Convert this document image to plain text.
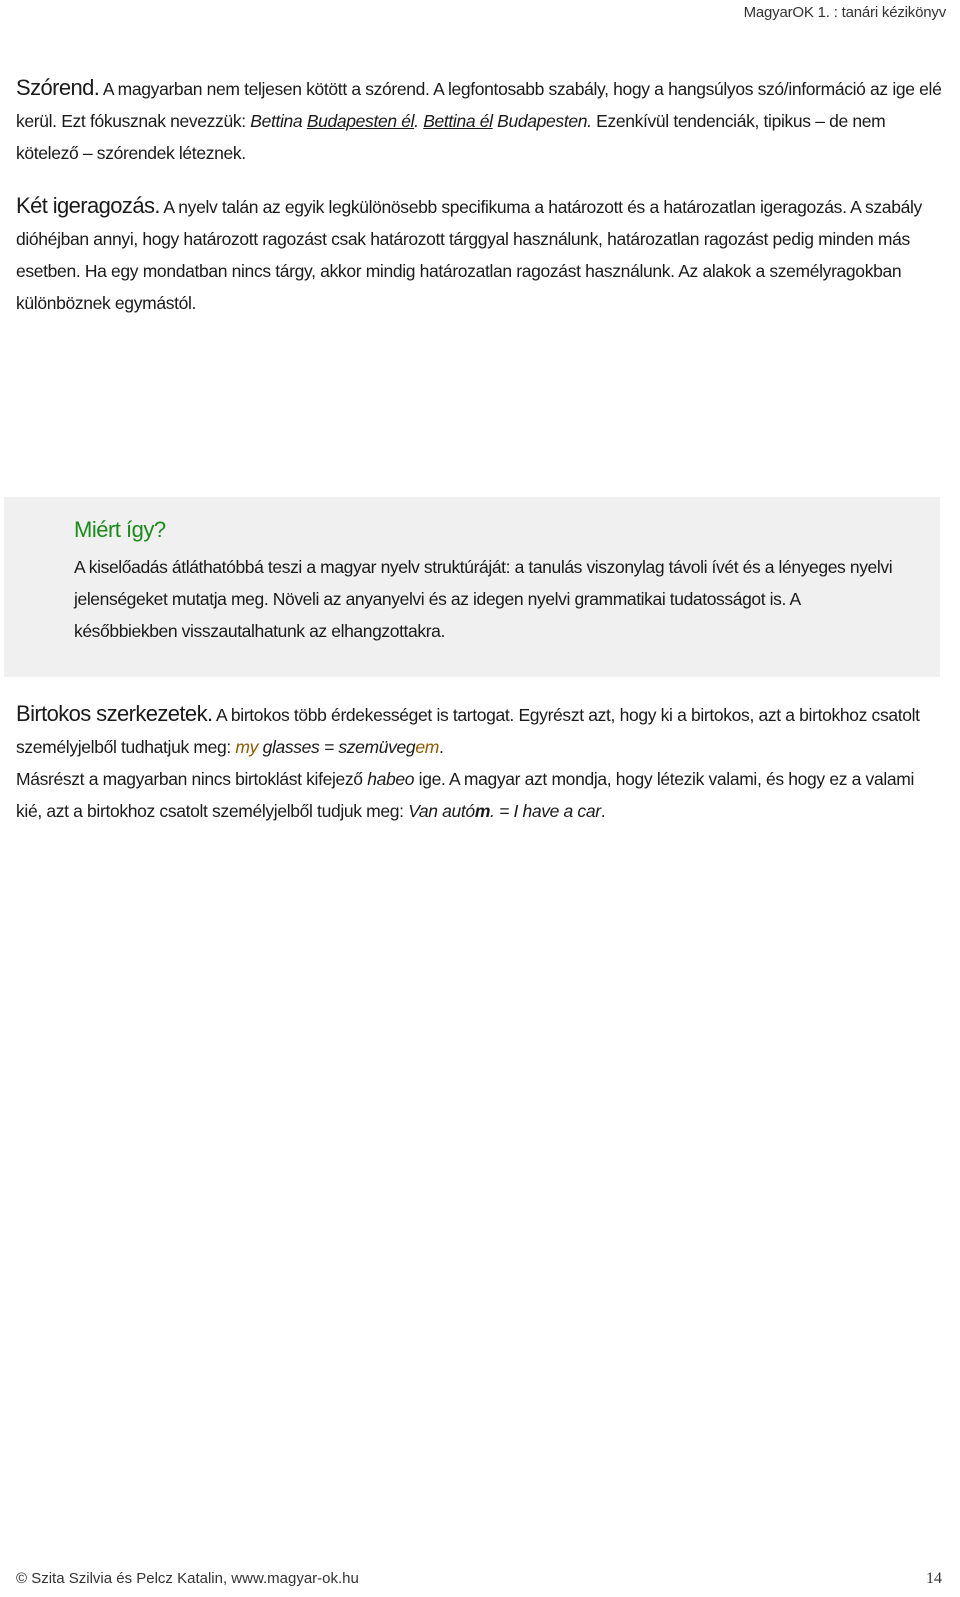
MagyarOK 1. : tanári kézikönyv

Szórend. A magyarban nem teljesen kötött a szórend. A legfontosabb szabály, hogy a hangsúlyos szó/információ az ige elé kerül. Ezt fókusznak nevezzük: Bettina Budapesten él. Bettina él Budapesten. Ezenkívül tendenciák, tipikus – de nem kötelező – szórendek léteznek.

Két igeragozás. A nyelv talán az egyik legkülönösebb specifikuma a határozott és a határozatlan igeragozás. A szabály dióhéjban annyi, hogy határozott ragozást csak határozott tárggyal használunk, határozatlan ragozást pedig minden más esetben. Ha egy mondatban nincs tárgy, akkor mindig határozatlan ragozást használunk. Az alakok a személyragokban különböznek egymástól.

Birtokos szerkezetek. A birtokos több érdekességet is tartogat. Egyrészt azt, hogy ki a birtokos, azt a birtokhoz csatolt személyjelből tudhatjuk meg: my glasses = szemüvegem.

Másrészt a magyarban nincs birtoklást kifejező habeo ige. A magyar azt mondja, hogy létezik valami, és hogy ez a valami kié, azt a birtokhoz csatolt személyjelből tudjuk meg: Van autóm. = I have a car.

Miért így?

A kiselőadás átláthatóbbá teszi a magyar nyelv struktúráját: a tanulás viszonylag távoli ívét és a lényeges nyelvi jelenségeket mutatja meg. Növeli az anyanyelvi és az idegen nyelvi grammatikai tudatosságot is. A későbbiekben visszautalhatunk az elhangzottakra.

© Szita Szilvia és Pelcz Katalin, www.magyar-ok.hu	14
